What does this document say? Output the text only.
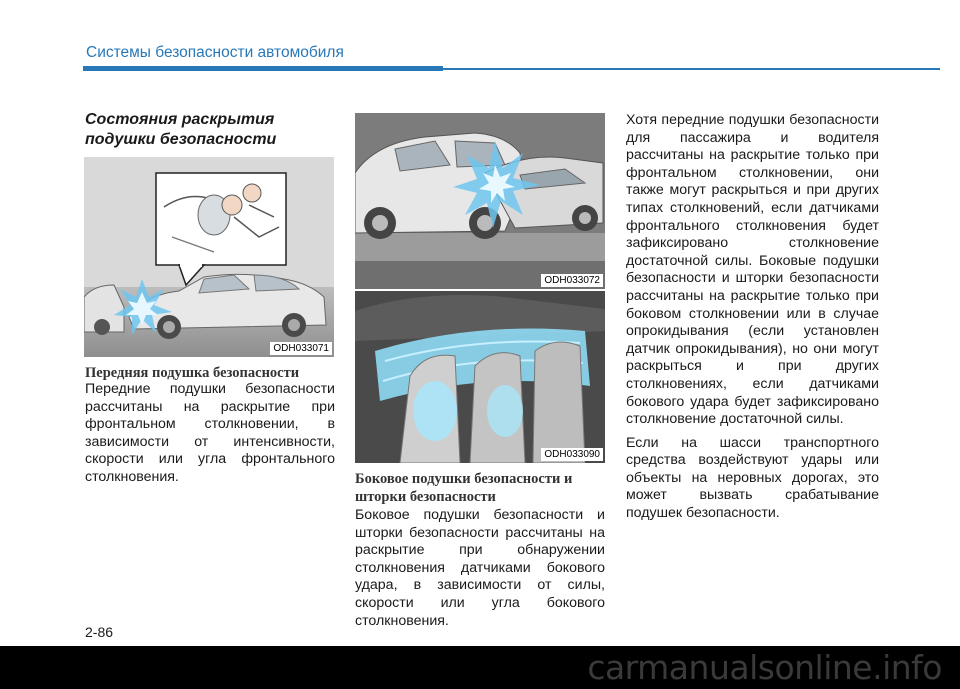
Системы безопасности автомобиля
Состояния раскрытия подушки безопасности
ODH033071
Передняя подушка безопасности

Передние подушки безопасности рассчитаны на раскрытие при фронтальном столкновении, в зависимости от интенсивности, скорости или угла фронтального столкновения.

ODH033072
ODH033090
Боковое подушки безопасности и шторки безопасности

Боковое подушки безопасности и шторки безопасности рассчитаны на раскрытие при обнаружении столкновения датчиками бокового удара, в зависимости от силы, скорости или угла бокового столкновения.

Хотя передние подушки безопасности для пассажира и водителя рассчитаны на раскрытие только при фронтальном столкновении, они также могут раскрыться и при других типах столкновений, если датчиками фронтального столкновения будет зафиксировано столкновение достаточной силы. Боковые подушки безопасности и шторки безопасности рассчитаны на раскрытие только при боковом столкновении или в случае опрокидывания (если установлен датчик опрокидывания), но они могут раскрыться и при других столкновениях, если датчиками бокового удара будет зафиксировано столкновение достаточной силы.

Если на шасси транспортного средства воздействуют удары или объекты на неровных дорогах, это может вызвать срабатывание подушек безопасности.

2-86
carmanualsonline.info
